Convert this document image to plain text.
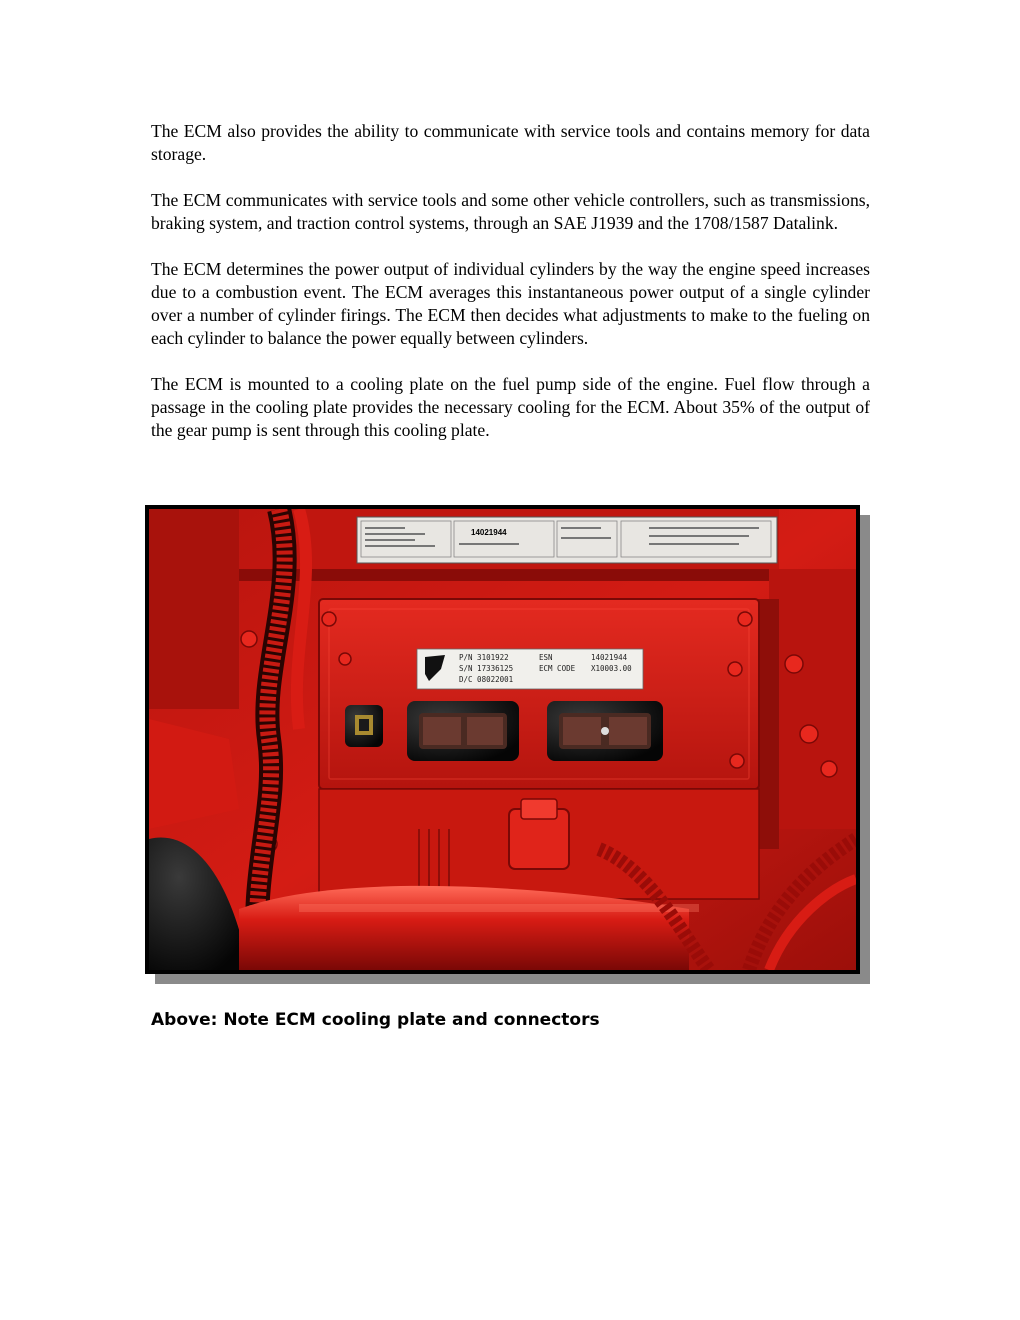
The ECM also provides the ability to communicate with service tools and contains memory for data storage.

The ECM communicates with service tools and some other vehicle controllers, such as transmissions, braking system, and traction control systems, through an SAE J1939 and the 1708/1587 Datalink.

The ECM determines the power output of individual cylinders by the way the engine speed increases due to a combustion event. The ECM averages this instantaneous power output of a single cylinder over a number of cylinder firings. The ECM then decides what adjustments to make to the fueling on each cylinder to balance the power equally between cylinders.

The ECM is mounted to a cooling plate on the fuel pump side of the engine. Fuel flow through a passage in the cooling plate provides the necessary cooling for the ECM. About 35% of the output of the gear pump is sent through this cooling plate.

14021944
P/N 3101922	ESN	14021944
S/N 17336125	ECM CODE X10003.00
D/C 08022001
Above: Note ECM cooling plate and connectors
